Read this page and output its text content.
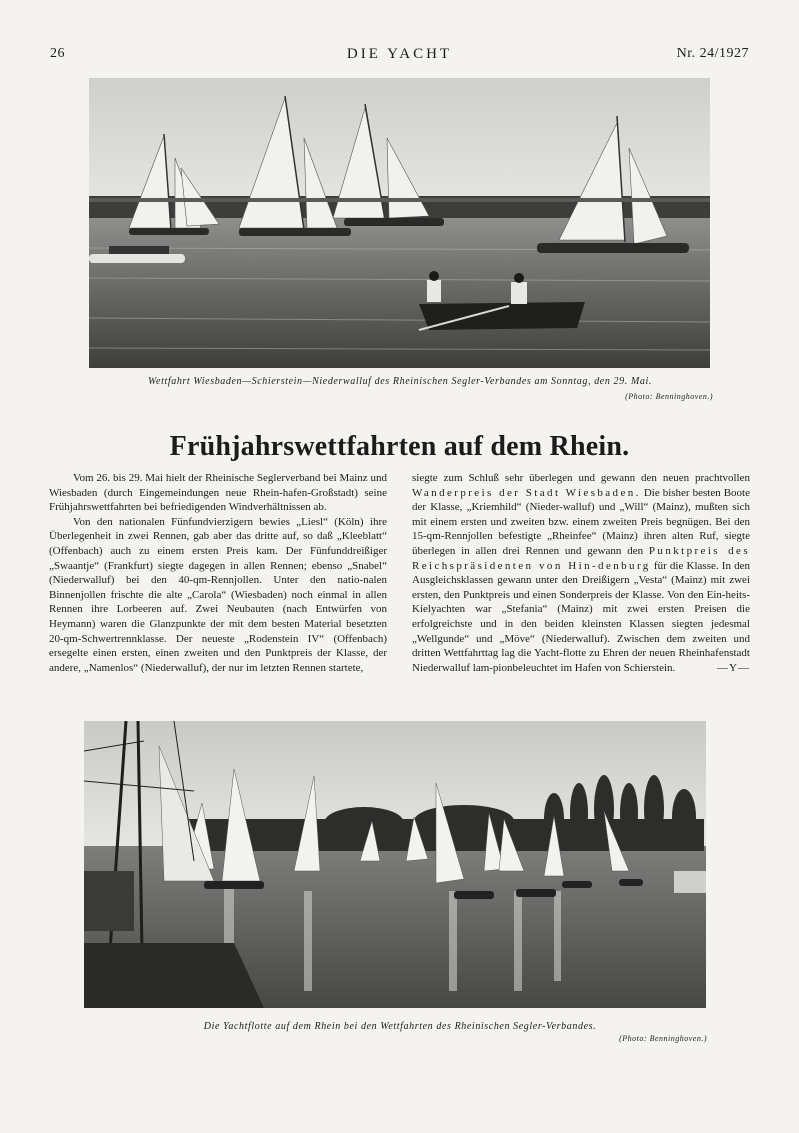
DIE YACHT
26	Nr. 24/1927
Wettfahrt Wiesbaden—Schierstein—Niederwalluf des Rheinischen Segler-Verbandes am Sonntag, den 29. Mai.
(Photo: Benninghoven.)
Frühjahrswettfahrten auf dem Rhein.

Vom 26. bis 29. Mai hielt der Rheinische Seglerverband bei Mainz und Wiesbaden (durch Eingemeindungen neue Rhein-hafen-Großstadt) seine Frühjahrswettfahrten bei befriedigenden Windverhältnissen ab.

Von den nationalen Fünfundvierzigern bewies „Liesl“ (Köln) ihre Überlegenheit in zwei Rennen, gab aber das dritte auf, so daß „Kleeblatt“ (Offenbach) auch zu einem ersten Preis kam. Der Fünfunddreißiger „Swaantje“ (Frankfurt) siegte dagegen in allen Rennen; ebenso „Snabel“ (Niederwalluf) bei den 40-qm-Rennjollen. Unter den natio-nalen Binnenjollen frischte die alte „Carola“ (Wiesbaden) noch einmal in allen Rennen ihre Lorbeeren auf. Zwei Neubauten (nach Entwürfen von Heymann) waren die Glanzpunkte der mit dem besten Material besetzten 20-qm-Schwertrennklasse. Der neueste „Rodenstein IV“ (Offenbach) ersegelte einen ersten, einen zweiten und den Punktpreis der Klasse, der andere, „Namenlos“ (Niederwalluf), der nur im letzten Rennen startete,

siegte zum Schluß sehr überlegen und gewann den neuen prachtvollen Wanderpreis der Stadt Wiesbaden. Die bisher besten Boote der Klasse, „Kriemhild“ (Nieder-walluf) und „Will“ (Mainz), mußten sich mit einem ersten und zweiten bzw. einem zweiten Preis begnügen. Bei den 15-qm-Rennjollen befestigte „Rheinfee“ (Mainz) ihren alten Ruf, siegte überlegen in allen drei Rennen und gewann den Punktpreis des Reichspräsidenten von Hin-denburg für die Klasse. In den Ausgleichsklassen gewann unter den Dreißigern „Vesta“ (Mainz) mit zwei ersten, den Punktpreis und einen Sonderpreis der Klasse. Von den Ein-heits-Kielyachten war „Stefania“ (Mainz) mit zwei ersten Preisen die erfolgreichste und in den beiden kleinsten Klassen siegten jedesmal „Wellgunde“ und „Möve“ (Niederwalluf). Zwischen dem zweiten und dritten Wettfahrttag lag die Yacht-flotte zu Ehren der neuen Rheinhafenstadt Niederwalluf lam-pionbeleuchtet im Hafen von Schierstein.	—Y—

Die Yachtflotte auf dem Rhein bei den Wettfahrten des Rheinischen Segler-Verbandes.
(Photo: Benninghoven.)
